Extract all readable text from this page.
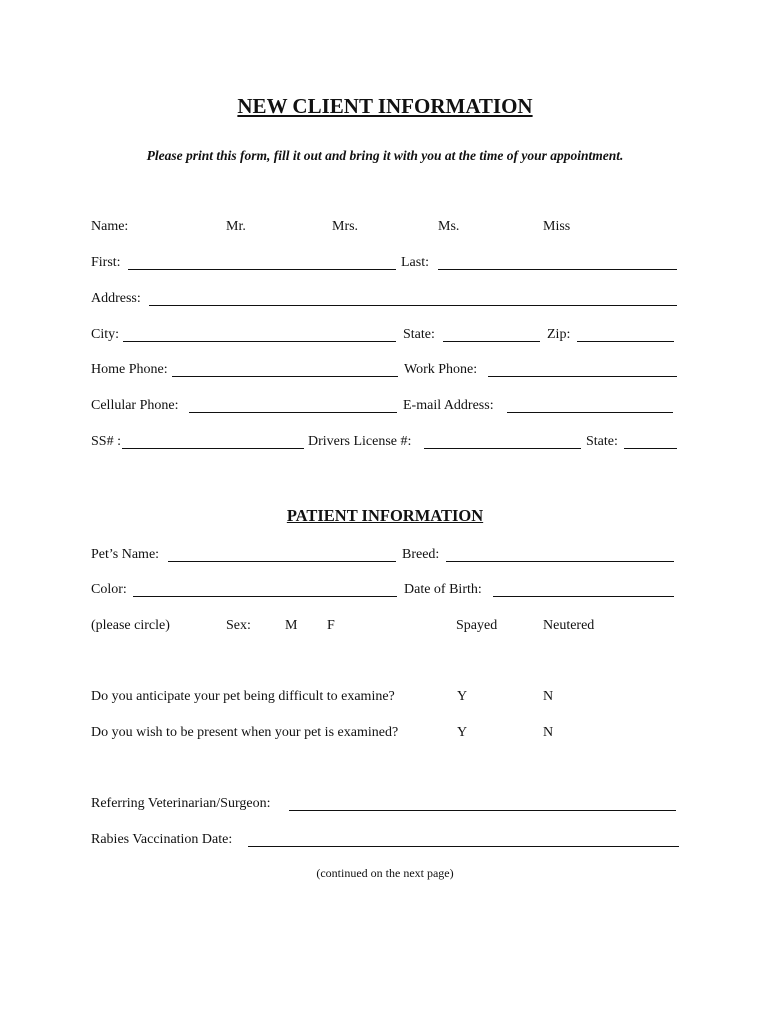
NEW CLIENT INFORMATION
Please print this form, fill it out and bring it with you at the time of your appointment.
Name:	Mr.	Mrs.	Ms.	Miss
First:	Last:
Address:
City:	State:	Zip:
Home Phone:	Work Phone:
Cellular Phone:	E-mail Address:
SS# :	Drivers License #:	State:
PATIENT INFORMATION
Pet’s Name:	Breed:
Color:	Date of Birth:
(please circle)	Sex: M F	Spayed	Neutered
Do you anticipate your pet being difficult to examine?	Y	N
Do you wish to be present when your pet is examined?	Y	N
Referring Veterinarian/Surgeon:
Rabies Vaccination Date:
(continued on the next page)
